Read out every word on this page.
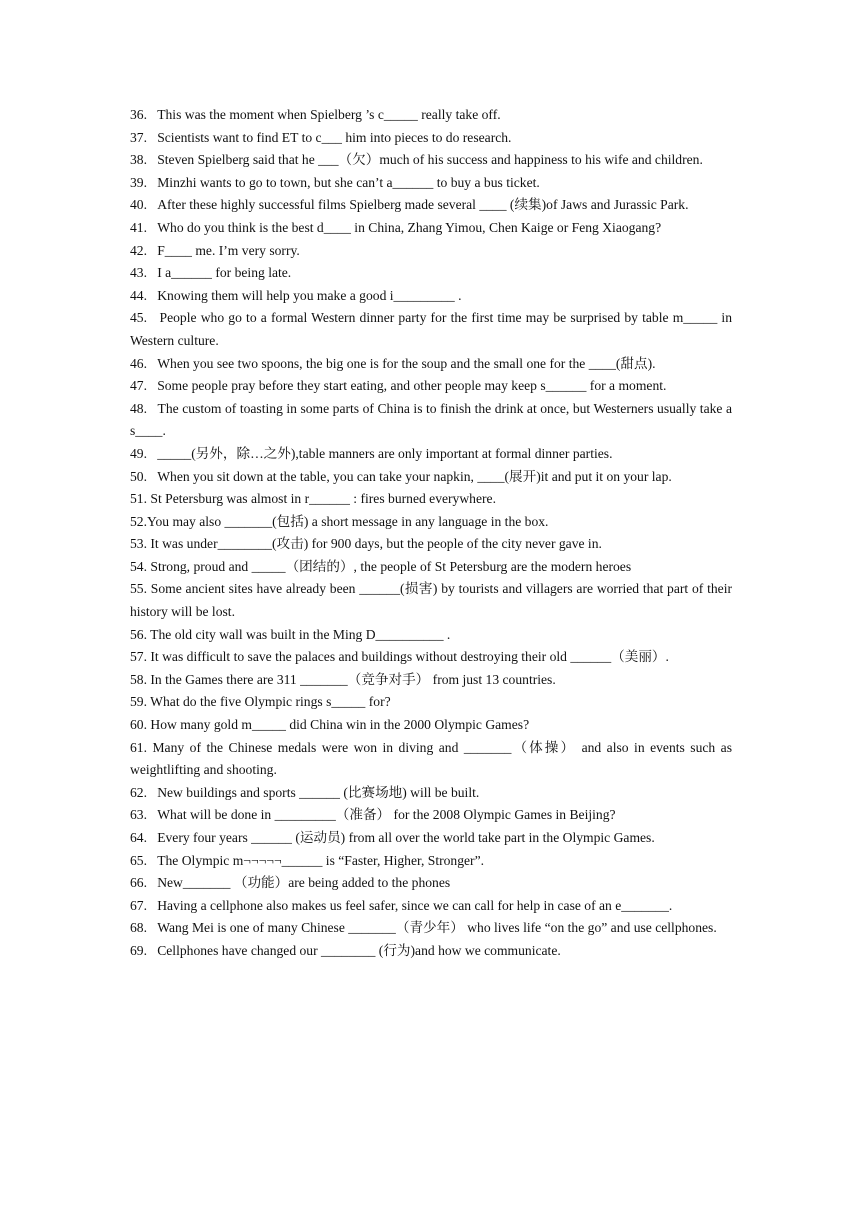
36. This was the moment when Spielberg ’s c_____ really take off.

37. Scientists want to find ET to c___ him into pieces to do research.

38. Steven Spielberg said that he ___（欠）much of his success and happiness to his wife and children.

39. Minzhi wants to go to town, but she can’t a______ to buy a bus ticket.

40. After these highly successful films Spielberg made several ____ (续集)of Jaws and Jurassic Park.

41. Who do you think is the best d____ in China, Zhang Yimou, Chen Kaige or Feng Xiaogang?

42. F____ me. I’m very sorry.

43. I a______ for being late.

44. Knowing them will help you make a good i_________ .

45. People who go to a formal Western dinner party for the first time may be surprised by table m_____ in Western culture.

46. When you see two spoons, the big one is for the soup and the small one for the ____(甜点).

47. Some people pray before they start eating, and other people may keep s______ for a moment.

48. The custom of toasting in some parts of China is to finish the drink at once, but Westerners usually take a s____.

49. _____(另外，除…之外),table manners are only important at formal dinner parties.

50. When you sit down at the table, you can take your napkin, ____(展开)it and put it on your lap.

51. St Petersburg was almost in r______ : fires burned everywhere.

52.You may also _______(包括) a short message in any language in the box.

53. It was under________(攻击) for 900 days, but the people of the city never gave in.

54. Strong, proud and _____（团结的）, the people of St Petersburg are the modern heroes

55. Some ancient sites have already been ______(损害) by tourists and villagers are worried that part of their history will be lost.

56. The old city wall was built in the Ming D__________ .

57. It was difficult to save the palaces and buildings without destroying their old ______（美丽）.

58. In the Games there are 311 _______（竞争对手） from just 13 countries.

59. What do the five Olympic rings s_____ for?

60. How many gold m_____ did China win in the 2000 Olympic Games?

61. Many of the Chinese medals were won in diving and _______（体操） and also in events such as weightlifting and shooting.

62. New buildings and sports ______ (比赛场地) will be built.

63. What will be done in _________（准备） for the 2008 Olympic Games in Beijing?

64. Every four years ______ (运动员) from all over the world take part in the Olympic Games.

65. The Olympic m¬¬¬¬¬______ is “Faster, Higher, Stronger”.

66. New_______ （功能）are being added to the phones

67. Having a cellphone also makes us feel safer, since we can call for help in case of an e_______.

68. Wang Mei is one of many Chinese _______（青少年） who lives life “on the go” and use cellphones.

69. Cellphones have changed our ________ (行为)and how we communicate.
